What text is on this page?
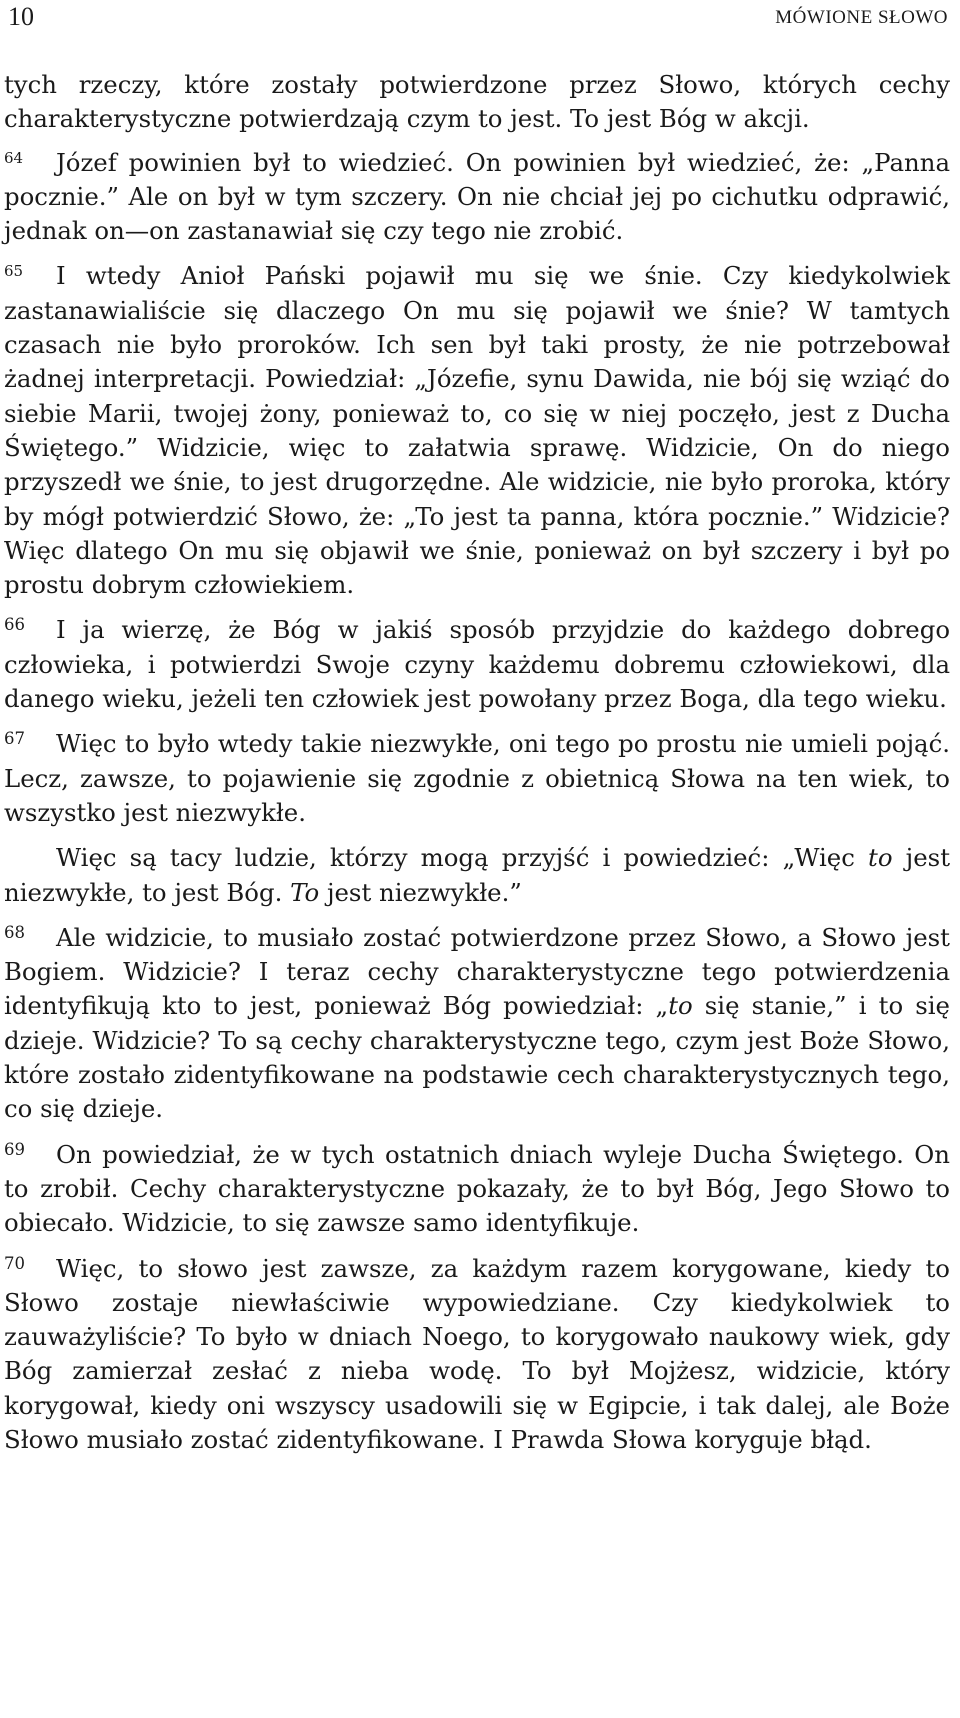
10	MÓWIONE SŁOWO

tych rzeczy, które zostały potwierdzone przez Słowo, których cechy charakterystyczne potwierdzają czym to jest. To jest Bóg w akcji.

64 Józef powinien był to wiedzieć. On powinien był wiedzieć, że: „Panna pocznie.” Ale on był w tym szczery. On nie chciał jej po cichutku odprawić, jednak on—on zastanawiał się czy tego nie zrobić.

65 I wtedy Anioł Pański pojawił mu się we śnie. Czy kiedykolwiek zastanawialiście się dlaczego On mu się pojawił we śnie? W tamtych czasach nie było proroków. Ich sen był taki prosty, że nie potrzebował żadnej interpretacji. Powiedział: „Józefie, synu Dawida, nie bój się wziąć do siebie Marii, twojej żony, ponieważ to, co się w niej poczęło, jest z Ducha Świętego.” Widzicie, więc to załatwia sprawę. Widzicie, On do niego przyszedł we śnie, to jest drugorzędne. Ale widzicie, nie było proroka, który by mógł potwierdzić Słowo, że: „To jest ta panna, która pocznie.” Widzicie? Więc dlatego On mu się objawił we śnie, ponieważ on był szczery i był po prostu dobrym człowiekiem.

66 I ja wierzę, że Bóg w jakiś sposób przyjdzie do każdego dobrego człowieka, i potwierdzi Swoje czyny każdemu dobremu człowiekowi, dla danego wieku, jeżeli ten człowiek jest powołany przez Boga, dla tego wieku.

67 Więc to było wtedy takie niezwykłe, oni tego po prostu nie umieli pojąć. Lecz, zawsze, to pojawienie się zgodnie z obietnicą Słowa na ten wiek, to wszystko jest niezwykłe.

Więc są tacy ludzie, którzy mogą przyjść i powiedzieć: „Więc to jest niezwykłe, to jest Bóg. To jest niezwykłe.”

68 Ale widzicie, to musiało zostać potwierdzone przez Słowo, a Słowo jest Bogiem. Widzicie? I teraz cechy charakterystyczne tego potwierdzenia identyfikują kto to jest, ponieważ Bóg powiedział: „to się stanie,” i to się dzieje. Widzicie? To są cechy charakterystyczne tego, czym jest Boże Słowo, które zostało zidentyfikowane na podstawie cech charakterystycznych tego, co się dzieje.

69 On powiedział, że w tych ostatnich dniach wyleje Ducha Świętego. On to zrobił. Cechy charakterystyczne pokazały, że to był Bóg, Jego Słowo to obiecało. Widzicie, to się zawsze samo identyfikuje.

70 Więc, to słowo jest zawsze, za każdym razem korygowane, kiedy to Słowo zostaje niewłaściwie wypowiedziane. Czy kiedykolwiek to zauważyliście? To było w dniach Noego, to korygowało naukowy wiek, gdy Bóg zamierzał zesłać z nieba wodę. To był Mojżesz, widzicie, który korygował, kiedy oni wszyscy usadowili się w Egipcie, i tak dalej, ale Boże Słowo musiało zostać zidentyfikowane. I Prawda Słowa koryguje błąd.
